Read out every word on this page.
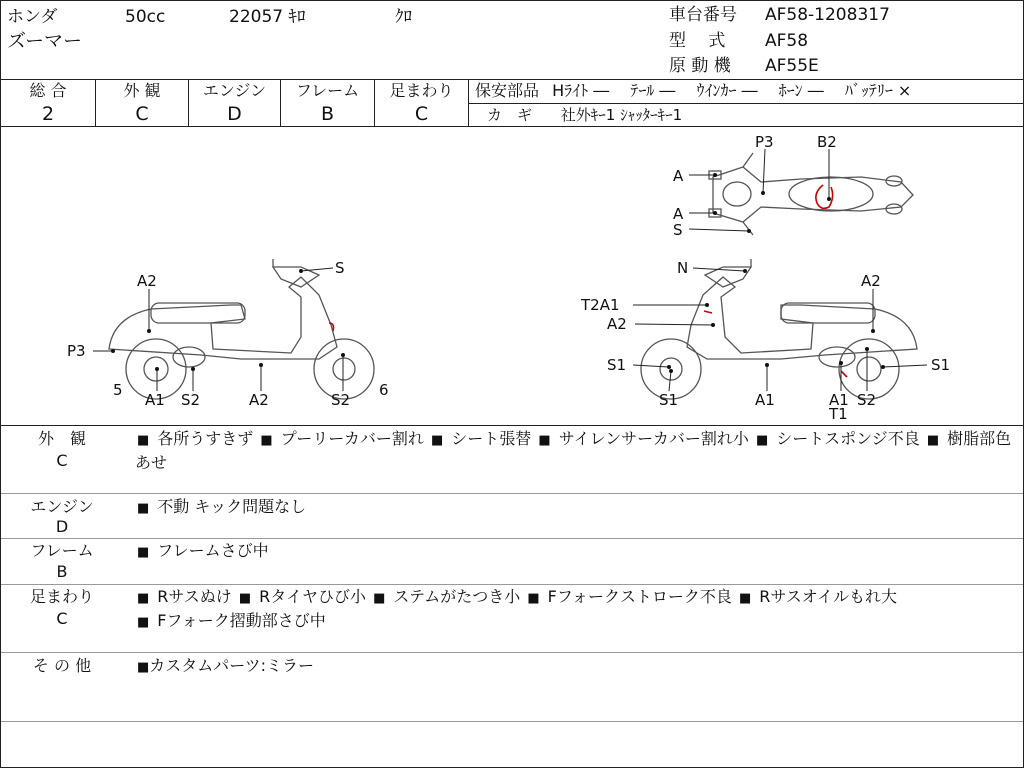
ホンダ	50cc	22057 ｷﾛ	ｸﾛ
ズーマー
車台番号 AF58-1208317
型　 式 AF58
原 動 機 AF55E
総 合
2
外 観
C
エンジン
D
フレーム
B
足まわり
C
保安部品 Hﾗｲﾄ ―　 ﾃｰﾙ ―　 ｳｲﾝｶｰ ―　 ﾎｰﾝ ―　 ﾊﾞｯﾃﾘｰ ×
カ　ギ 社外ｷｰ1 ｼｬｯﾀｰｷｰ1
P3	B2
A
A
S
S
A2
P3
5
A1 S2	A2	S2
6
N
A2
T2A1
A2
S1
S1	A1	A1
T1
S2
S1
外　観
C
■ 各所うすきず ■ プーリーカバー割れ ■ シート張替 ■ サイレンサーカバー割れ小 ■ シートスポンジ不良 ■ 樹脂部色あせ
エンジン
D
■ 不動 キック問題なし
フレーム
B
■ フレームさび中
足まわり
C
■ Rサスぬけ ■ Rタイヤひび小 ■ ステムがたつき小 ■ Fフォークストローク不良 ■ Rサスオイルもれ大
■ Fフォーク摺動部さび中
そ の 他	■カスタムパーツ:ミラー
